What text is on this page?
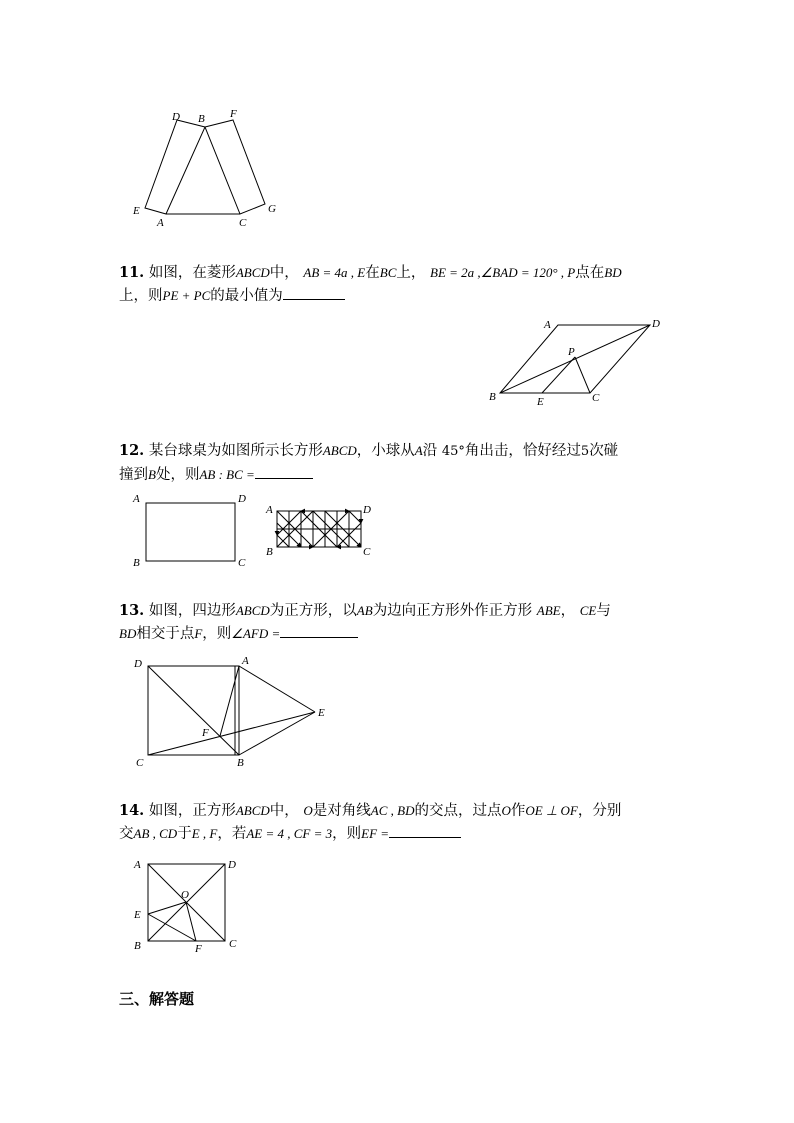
D B F
E
A	C
G
11. 如图，在菱形ABCD中， AB = 4a , E在BC上， BE = 2a ,∠BAD = 120° , P点在BD
上，则PE + PC的最小值为
A	D
P
B	E	C
12. 某台球桌为如图所示长方形ABCD，小球从A沿 45°角出击，恰好经过5次碰
撞到B处，则AB : BC =
A	D
B	C
A	D
B	C
13. 如图，四边形ABCD为正方形，以AB为边向正方形外作正方形 ABE， CE与
BD相交于点F，则∠AFD =
D	A
E
F
C	B
14. 如图，正方形ABCD中， O是对角线AC , BD的交点，过点O作OE ⊥ OF，分别
交AB , CD于E , F，若AE = 4 , CF = 3，则EF =
A	D
O
E
B	F C
三、解答题
